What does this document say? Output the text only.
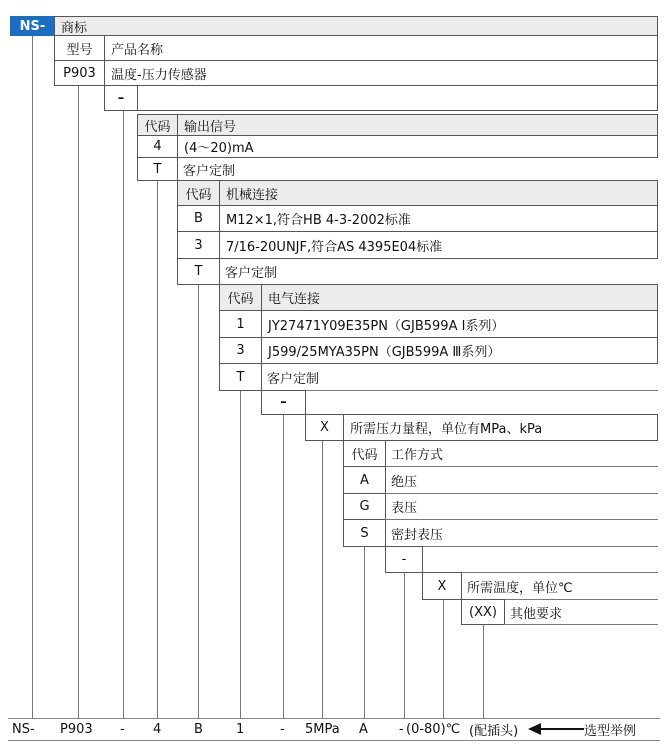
NS- 商标
型号 产品名称
P903 温度-压力传感器
–
代码 输出信号
4 (4～20)mA
T 客户定制
代码 机械连接
B M12×1,符合HB 4-3-2002标准
3 7/16-20UNJF,符合AS 4395E04标准
T 客户定制
代码 电气连接
1 JY27471Y09E35PN（GJB599A Ⅰ系列）
3 J599/25MYA35PN（GJB599A Ⅲ系列）
T 客户定制
–
X 所需压力量程，单位有MPa、kPa
代码 工作方式
A 绝压
G 表压
S 密封表压
-
X 所需温度，单位℃
(XX) 其他要求
NS- P903 - 4	B	1	- 5MPa A - (0-80)℃ (配插头)	选型举例
